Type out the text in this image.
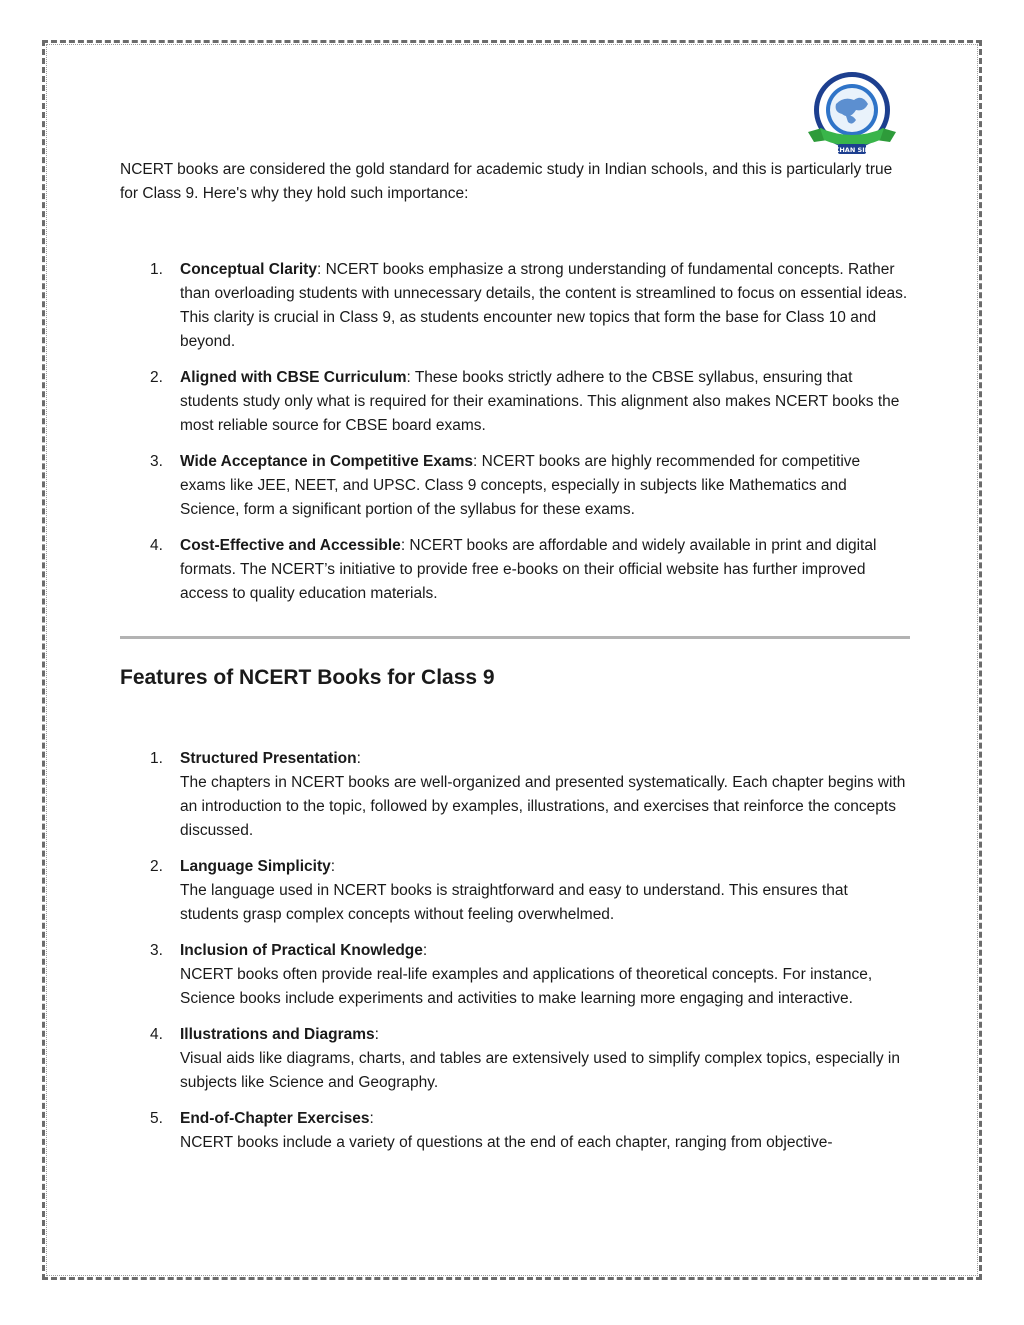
KHAN SIR

NCERT books are considered the gold standard for academic study in Indian schools, and this is particularly true for Class 9. Here's why they hold such importance:

Conceptual Clarity: NCERT books emphasize a strong understanding of fundamental concepts. Rather than overloading students with unnecessary details, the content is streamlined to focus on essential ideas. This clarity is crucial in Class 9, as students encounter new topics that form the base for Class 10 and beyond.
Aligned with CBSE Curriculum: These books strictly adhere to the CBSE syllabus, ensuring that students study only what is required for their examinations. This alignment also makes NCERT books the most reliable source for CBSE board exams.
Wide Acceptance in Competitive Exams: NCERT books are highly recommended for competitive exams like JEE, NEET, and UPSC. Class 9 concepts, especially in subjects like Mathematics and Science, form a significant portion of the syllabus for these exams.
Cost-Effective and Accessible: NCERT books are affordable and widely available in print and digital formats. The NCERT’s initiative to provide free e-books on their official website has further improved access to quality education materials.
Features of NCERT Books for Class 9
Structured Presentation:
The chapters in NCERT books are well-organized and presented systematically. Each chapter begins with an introduction to the topic, followed by examples, illustrations, and exercises that reinforce the concepts discussed.
Language Simplicity:
The language used in NCERT books is straightforward and easy to understand. This ensures that students grasp complex concepts without feeling overwhelmed.
Inclusion of Practical Knowledge:
NCERT books often provide real-life examples and applications of theoretical concepts. For instance, Science books include experiments and activities to make learning more engaging and interactive.
Illustrations and Diagrams:
Visual aids like diagrams, charts, and tables are extensively used to simplify complex topics, especially in subjects like Science and Geography.
End-of-Chapter Exercises:
NCERT books include a variety of questions at the end of each chapter, ranging from objective-
